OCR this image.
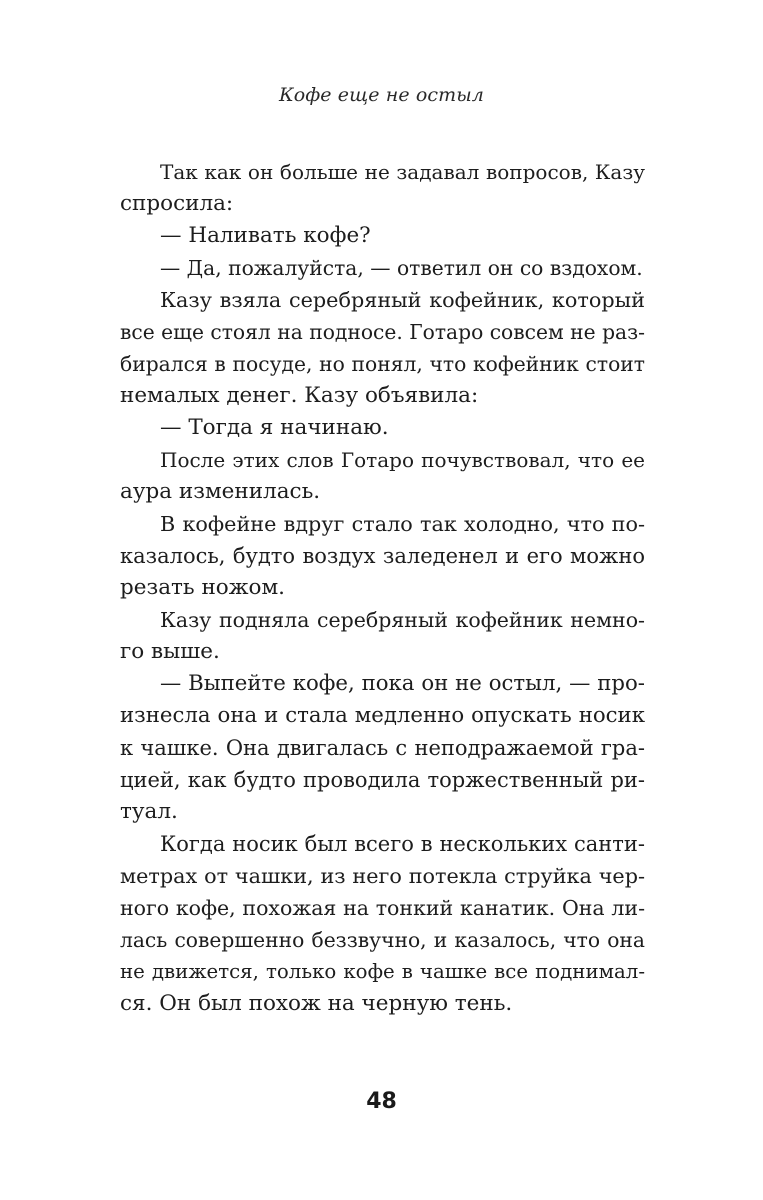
Кофе еще не остыл
Так как он больше не задавал вопросов, Казу
спросила:
— Наливать кофе?
— Да, пожалуйста, — ответил он со вздохом.
Казу взяла серебряный кофейник, который
все еще стоял на подносе. Готаро совсем не раз-
бирался в посуде, но понял, что кофейник стоит
немалых денег. Казу объявила:
— Тогда я начинаю.
После этих слов Готаро почувствовал, что ее
аура изменилась.
В кофейне вдруг стало так холодно, что по-
казалось, будто воздух заледенел и его можно
резать ножом.
Казу подняла серебряный кофейник немно-
го выше.
— Выпейте кофе, пока он не остыл, — про-
изнесла она и стала медленно опускать носик
к чашке. Она двигалась с неподражаемой гра-
цией, как будто проводила торжественный ри-
туал.
Когда носик был всего в нескольких санти-
метрах от чашки, из него потекла струйка чер-
ного кофе, похожая на тонкий канатик. Она ли-
лась совершенно беззвучно, и казалось, что она
не движется, только кофе в чашке все поднимал-
ся. Он был похож на черную тень.
48
